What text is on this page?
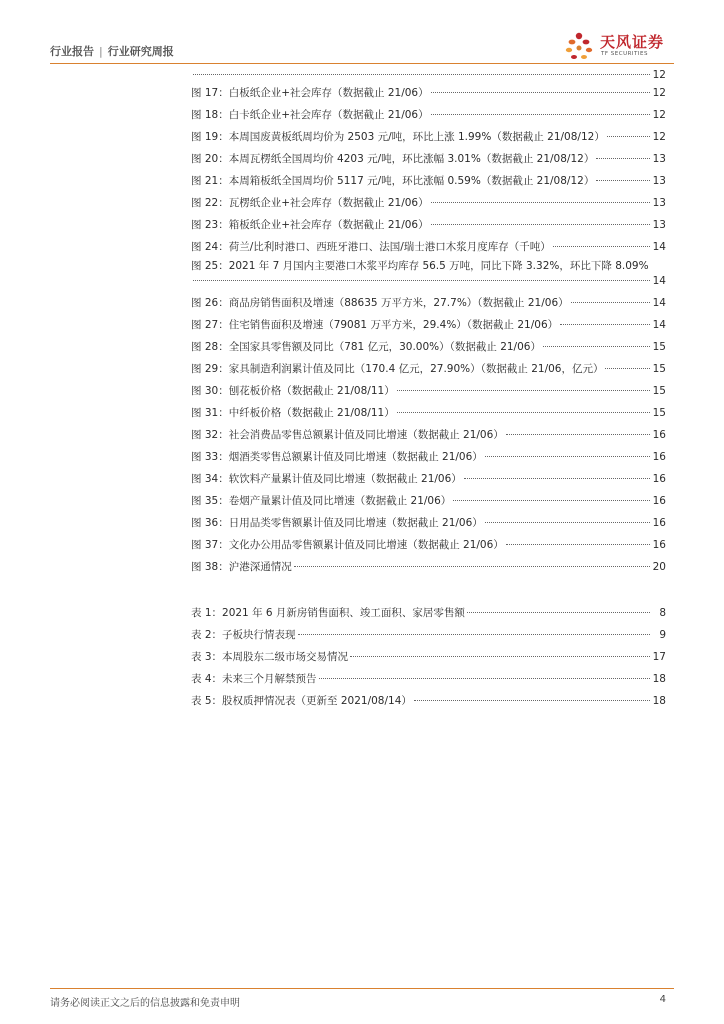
行业报告 | 行业研究周报
天风证券
TF SECURITIES
12
图 17：白板纸企业+社会库存（数据截止 21/06）	12
图 18：白卡纸企业+社会库存（数据截止 21/06）	12
图 19：本周国废黄板纸周均价为 2503 元/吨，环比上涨 1.99%（数据截止 21/08/12）	12
图 20：本周瓦楞纸全国周均价 4203 元/吨，环比涨幅 3.01%（数据截止 21/08/12）	13
图 21：本周箱板纸全国周均价 5117 元/吨，环比涨幅 0.59%（数据截止 21/08/12）	13
图 22：瓦楞纸企业+社会库存（数据截止 21/06）	13
图 23：箱板纸企业+社会库存（数据截止 21/06）	13
图 24：荷兰/比利时港口、西班牙港口、法国/瑞士港口木浆月度库存（千吨）	14
图 25：2021 年 7 月国内主要港口木浆平均库存 56.5 万吨，同比下降 3.32%，环比下降 8.09%
14
图 26：商品房销售面积及增速（88635 万平方米，27.7%）（数据截止 21/06）	14
图 27：住宅销售面积及增速（79081 万平方米，29.4%）（数据截止 21/06）	14
图 28：全国家具零售额及同比（781 亿元，30.00%）（数据截止 21/06）	15
图 29：家具制造利润累计值及同比（170.4 亿元，27.90%）（数据截止 21/06，亿元）	15
图 30：刨花板价格（数据截止 21/08/11）	15
图 31：中纤板价格（数据截止 21/08/11）	15
图 32：社会消费品零售总额累计值及同比增速（数据截止 21/06）	16
图 33：烟酒类零售总额累计值及同比增速（数据截止 21/06）	16
图 34：软饮料产量累计值及同比增速（数据截止 21/06）	16
图 35：卷烟产量累计值及同比增速（数据截止 21/06）	16
图 36：日用品类零售额累计值及同比增速（数据截止 21/06）	16
图 37：文化办公用品零售额累计值及同比增速（数据截止 21/06）	16
图 38：沪港深通情况	20
表 1：2021 年 6 月新房销售面积、竣工面积、家居零售额	8
表 2：子板块行情表现	9
表 3：本周股东二级市场交易情况	17
表 4：未来三个月解禁预告	18
表 5：股权质押情况表（更新至 2021/08/14）	18
请务必阅读正文之后的信息披露和免责申明	4
